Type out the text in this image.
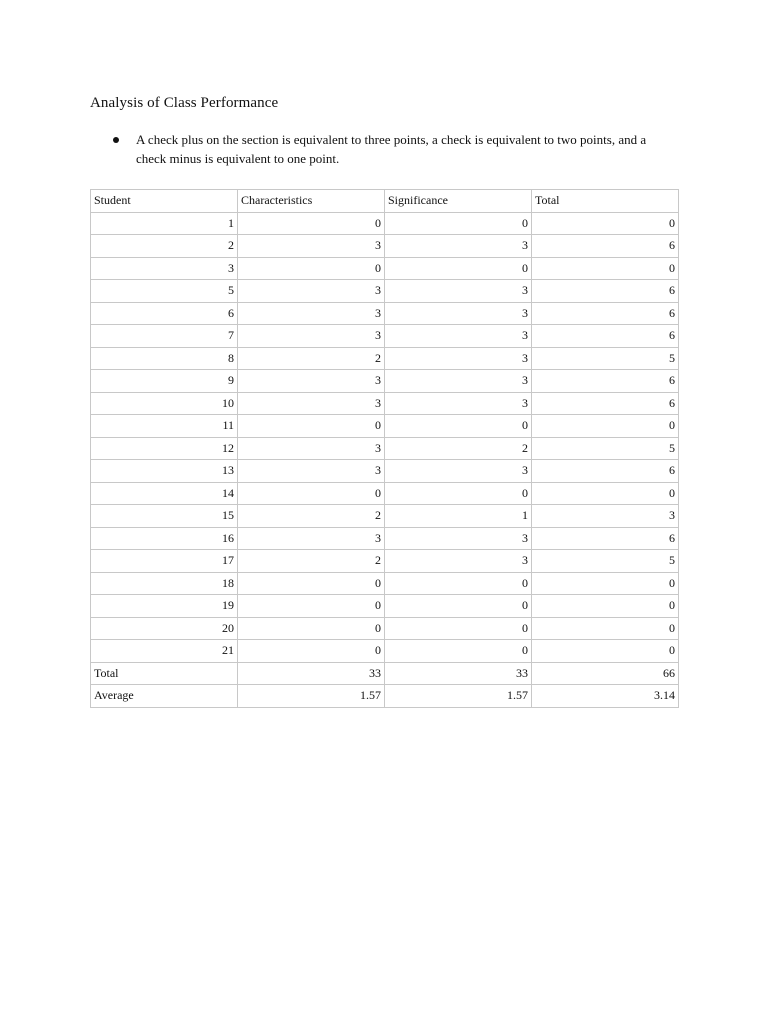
Analysis of Class Performance
A check plus on the section is equivalent to three points, a check is equivalent to two points, and a check minus is equivalent to one point.
Student	Characteristics	Significance	Total
1	0	0	0
2	3	3	6
3	0	0	0
5	3	3	6
6	3	3	6
7	3	3	6
8	2	3	5
9	3	3	6
10	3	3	6
11	0	0	0
12	3	2	5
13	3	3	6
14	0	0	0
15	2	1	3
16	3	3	6
17	2	3	5
18	0	0	0
19	0	0	0
20	0	0	0
21	0	0	0
Total	33	33	66
Average	1.57	1.57	3.14
